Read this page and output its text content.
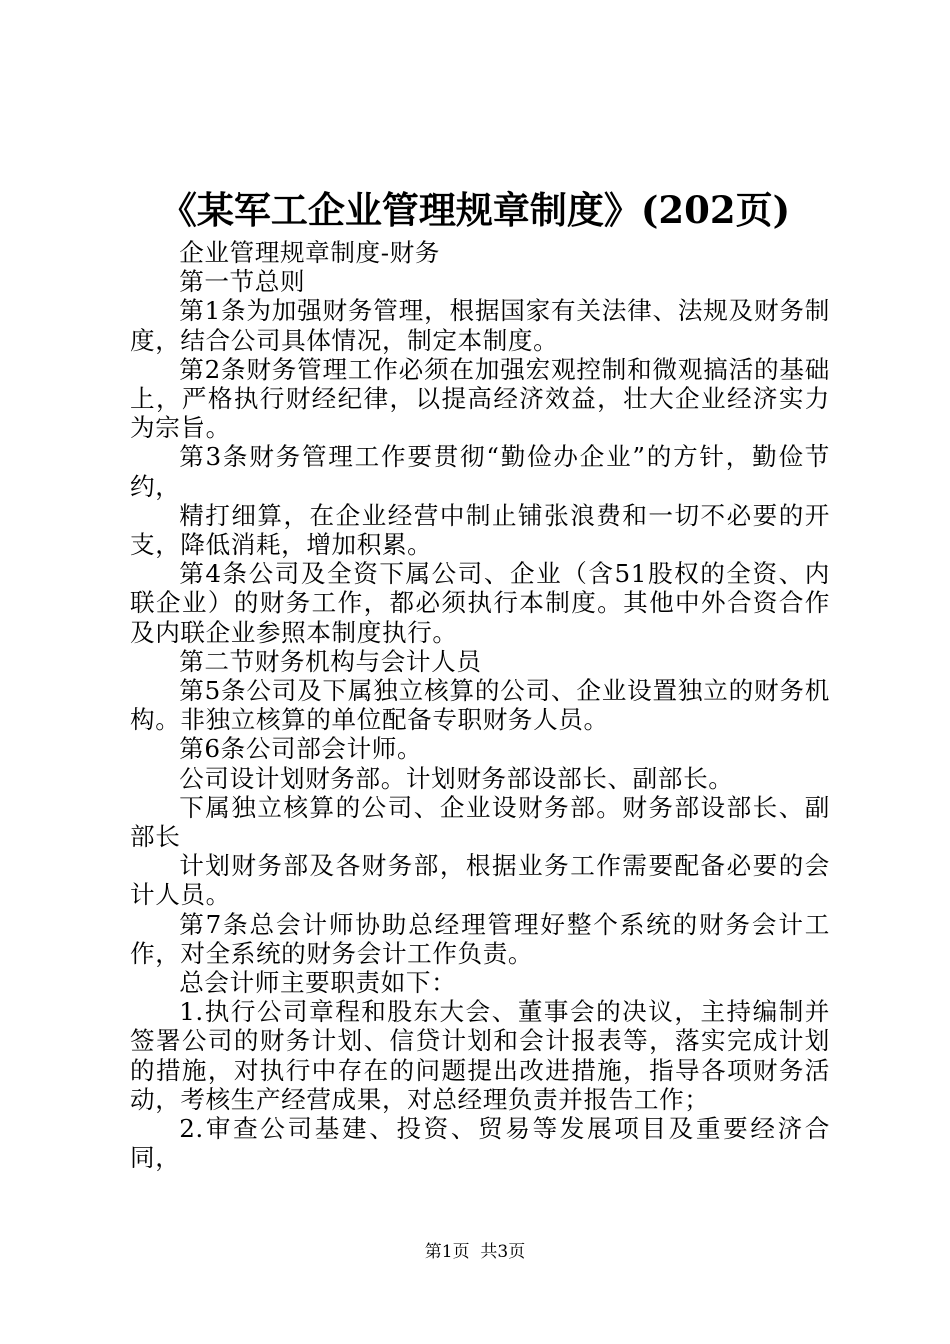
《某军工企业管理规章制度》(202页)

企业管理规章制度-财务

第一节总则

第1条为加强财务管理，根据国家有关法律、法规及财务制度，结合公司具体情况，制定本制度。

第2条财务管理工作必须在加强宏观控制和微观搞活的基础上，严格执行财经纪律，以提高经济效益，壮大企业经济实力为宗旨。

第3条财务管理工作要贯彻“勤俭办企业”的方针，勤俭节约，

精打细算，在企业经营中制止铺张浪费和一切不必要的开支，降低消耗，增加积累。

第4条公司及全资下属公司、企业（含51股权的全资、内联企业）的财务工作，都必须执行本制度。其他中外合资合作及内联企业参照本制度执行。

第二节财务机构与会计人员

第5条公司及下属独立核算的公司、企业设置独立的财务机构。非独立核算的单位配备专职财务人员。

第6条公司部会计师。

公司设计划财务部。计划财务部设部长、副部长。

下属独立核算的公司、企业设财务部。财务部设部长、副部长

计划财务部及各财务部，根据业务工作需要配备必要的会计人员。

第7条总会计师协助总经理管理好整个系统的财务会计工作，对全系统的财务会计工作负责。

总会计师主要职责如下：

1.执行公司章程和股东大会、董事会的决议，主持编制并签署公司的财务计划、信贷计划和会计报表等，落实完成计划的措施，对执行中存在的问题提出改进措施，指导各项财务活动，考核生产经营成果，对总经理负责并报告工作；

2.审查公司基建、投资、贸易等发展项目及重要经济合同，

第1页  共3页
